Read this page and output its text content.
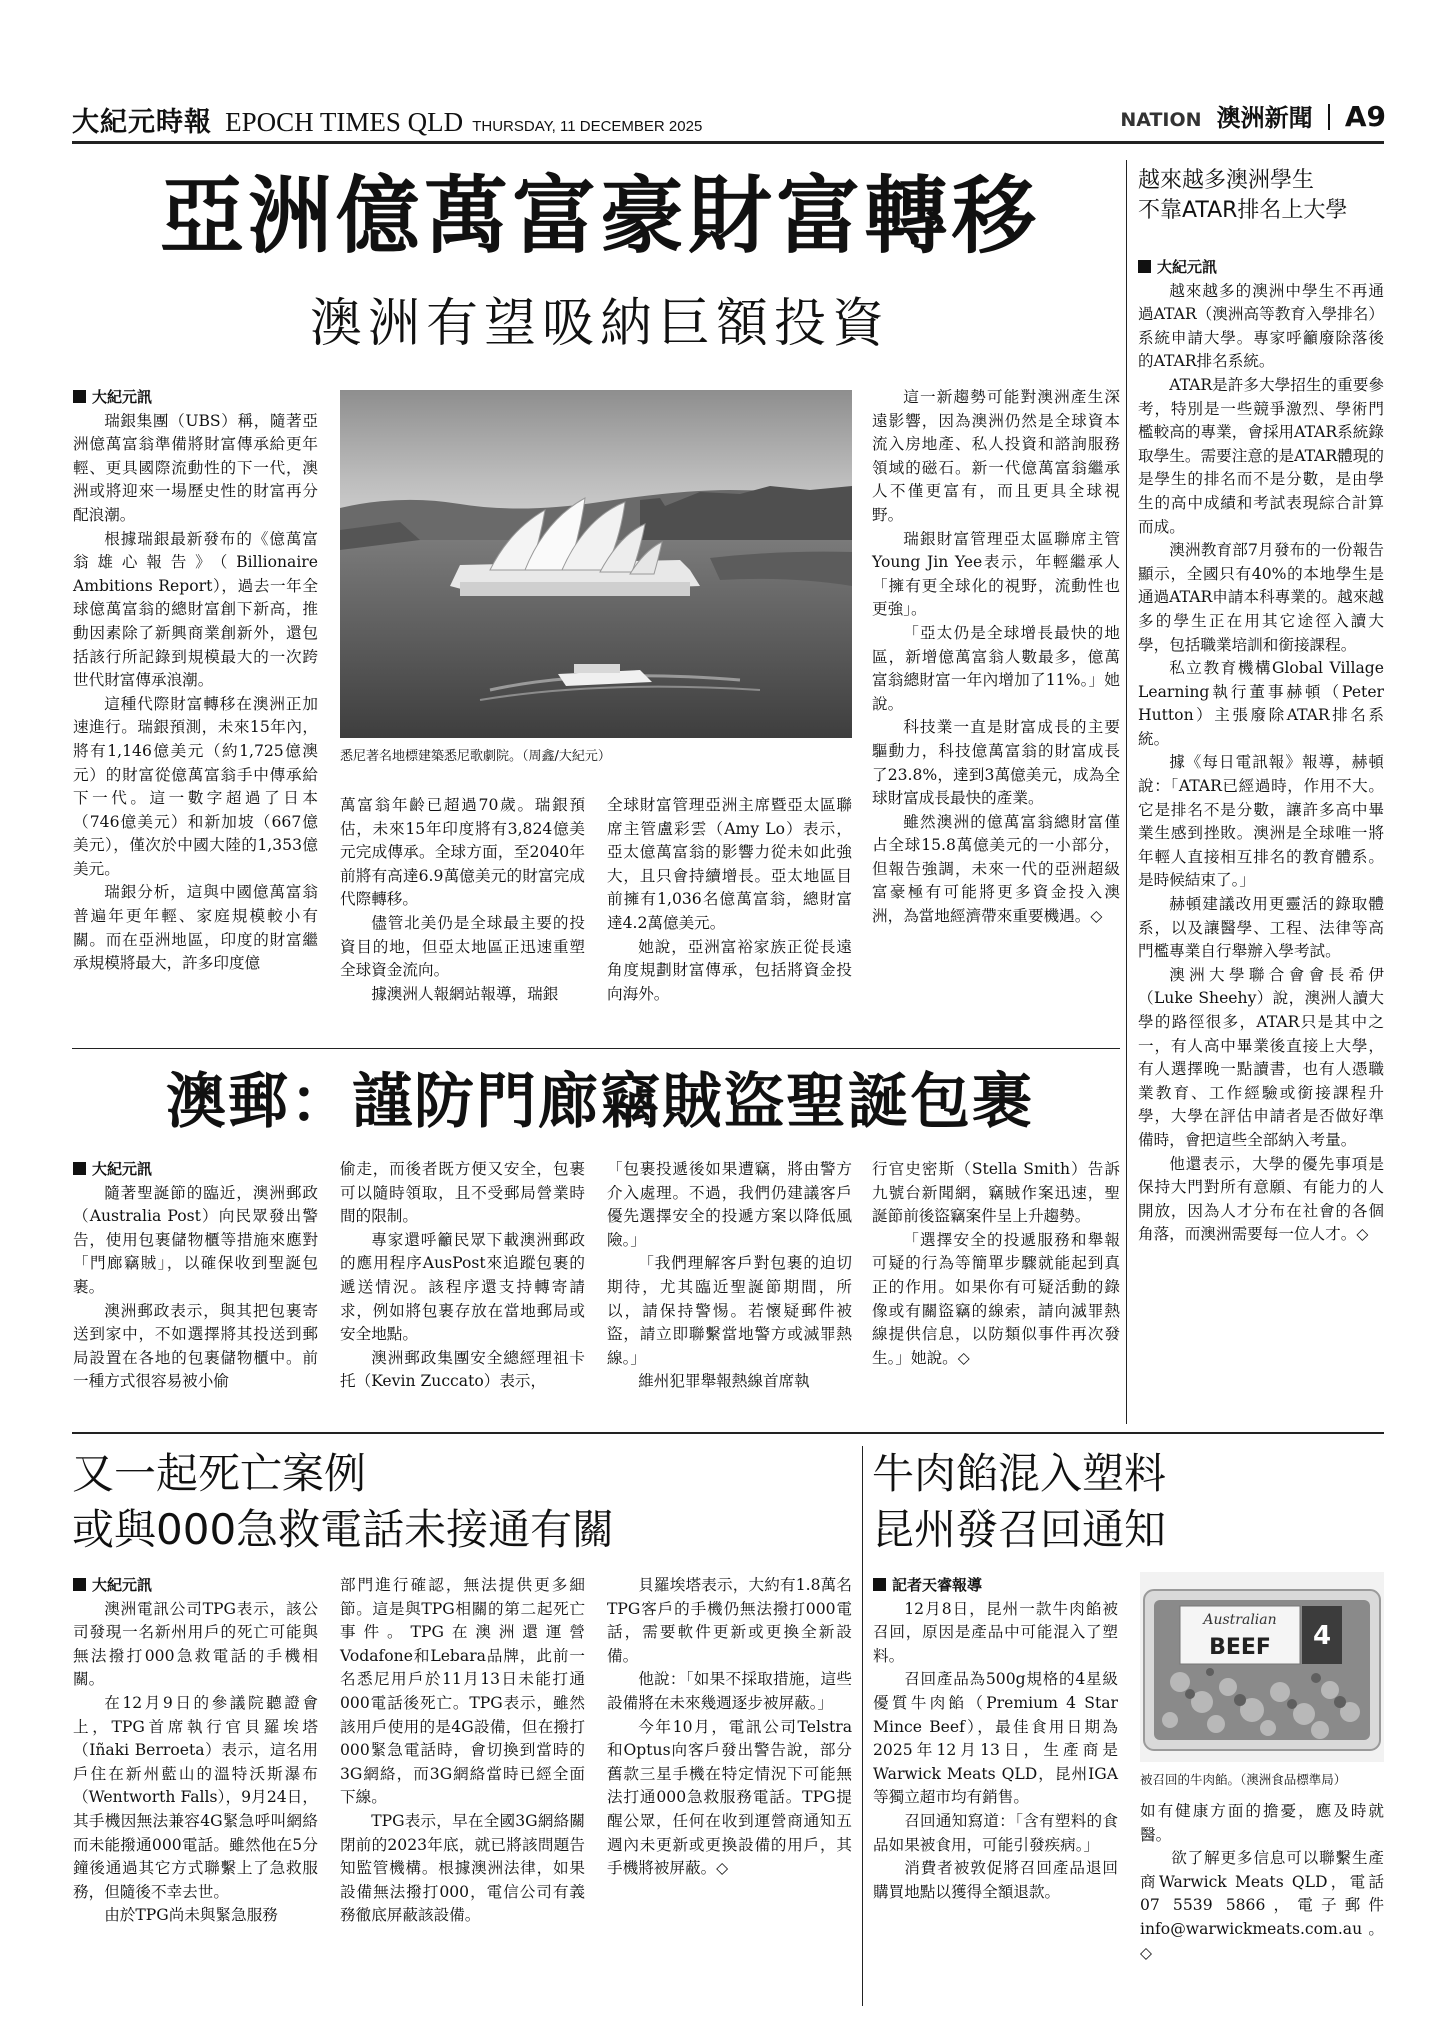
大紀元時報 EPOCH TIMES QLD THURSDAY, 11 DECEMBER 2025	NATION 澳洲新聞 A9
亞洲億萬富豪財富轉移
澳洲有望吸納巨額投資

大紀元訊

瑞銀集團（UBS）稱，隨著亞洲億萬富翁準備將財富傳承給更年輕、更具國際流動性的下一代，澳洲或將迎來一場歷史性的財富再分配浪潮。

根據瑞銀最新發布的《億萬富翁雄心報告》（Billionaire Ambitions Report），過去一年全球億萬富翁的總財富創下新高，推動因素除了新興商業創新外，還包括該行所記錄到規模最大的一次跨世代財富傳承浪潮。

這種代際財富轉移在澳洲正加速進行。瑞銀預測，未來15年內，將有1,146億美元（約1,725億澳元）的財富從億萬富翁手中傳承給下一代。這一數字超過了日本（746億美元）和新加坡（667億美元），僅次於中國大陸的1,353億美元。

瑞銀分析，這與中國億萬富翁普遍年更年輕、家庭規模較小有關。而在亞洲地區，印度的財富繼承規模將最大，許多印度億

悉尼著名地標建築悉尼歌劇院。（周鑫/大紀元）

萬富翁年齡已超過70歲。瑞銀預估，未來15年印度將有3,824億美元完成傳承。全球方面，至2040年前將有高達6.9萬億美元的財富完成代際轉移。

儘管北美仍是全球最主要的投資目的地，但亞太地區正迅速重塑全球資金流向。

據澳洲人報網站報導，瑞銀

全球財富管理亞洲主席暨亞太區聯席主管盧彩雲（Amy Lo）表示，亞太億萬富翁的影響力從未如此強大，且只會持續增長。亞太地區目前擁有1,036名億萬富翁，總財富達4.2萬億美元。

她說，亞洲富裕家族正從長遠角度規劃財富傳承，包括將資金投向海外。

這一新趨勢可能對澳洲產生深遠影響，因為澳洲仍然是全球資本流入房地產、私人投資和諮詢服務領域的磁石。新一代億萬富翁繼承人不僅更富有，而且更具全球視野。

瑞銀財富管理亞太區聯席主管Young Jin Yee表示，年輕繼承人「擁有更全球化的視野，流動性也更強」。

「亞太仍是全球增長最快的地區，新增億萬富翁人數最多，億萬富翁總財富一年內增加了11%。」她說。

科技業一直是財富成長的主要驅動力，科技億萬富翁的財富成長了23.8%，達到3萬億美元，成為全球財富成長最快的產業。

雖然澳洲的億萬富翁總財富僅占全球15.8萬億美元的一小部分，但報告強調，未來一代的亞洲超級富豪極有可能將更多資金投入澳洲，為當地經濟帶來重要機遇。◇

越來越多澳洲學生
不靠ATAR排名上大學

大紀元訊

越來越多的澳洲中學生不再通過ATAR（澳洲高等教育入學排名）系統申請大學。專家呼籲廢除落後的ATAR排名系統。

ATAR是許多大學招生的重要參考，特別是一些競爭激烈、學術門檻較高的專業，會採用ATAR系統錄取學生。需要注意的是ATAR體現的是學生的排名而不是分數，是由學生的高中成績和考試表現綜合計算而成。

澳洲教育部7月發布的一份報告顯示，全國只有40%的本地學生是通過ATAR申請本科專業的。越來越多的學生正在用其它途徑入讀大學，包括職業培訓和銜接課程。

私立教育機構Global Village Learning執行董事赫頓（Peter Hutton）主張廢除ATAR排名系統。

據《每日電訊報》報導，赫頓說：「ATAR已經過時，作用不大。它是排名不是分數，讓許多高中畢業生感到挫敗。澳洲是全球唯一將年輕人直接相互排名的教育體系。是時候結束了。」

赫頓建議改用更靈活的錄取體系，以及讓醫學、工程、法律等高門檻專業自行舉辦入學考試。

澳洲大學聯合會會長希伊（Luke Sheehy）說，澳洲人讀大學的路徑很多，ATAR只是其中之一，有人高中畢業後直接上大學，有人選擇晚一點讀書，也有人憑職業教育、工作經驗或銜接課程升學，大學在評估申請者是否做好準備時，會把這些全部納入考量。

他還表示，大學的優先事項是保持大門對所有意願、有能力的人開放，因為人才分布在社會的各個角落，而澳洲需要每一位人才。◇

澳郵：謹防門廊竊賊盜聖誕包裹

大紀元訊

隨著聖誕節的臨近，澳洲郵政（Australia Post）向民眾發出警告，使用包裹儲物櫃等措施來應對「門廊竊賊」，以確保收到聖誕包裹。

澳洲郵政表示，與其把包裹寄送到家中，不如選擇將其投送到郵局設置在各地的包裹儲物櫃中。前一種方式很容易被小偷

偷走，而後者既方便又安全，包裹可以隨時領取，且不受郵局營業時間的限制。

專家還呼籲民眾下載澳洲郵政的應用程序AusPost來追蹤包裹的遞送情況。該程序還支持轉寄請求，例如將包裹存放在當地郵局或安全地點。

澳洲郵政集團安全總經理祖卡托（Kevin Zuccato）表示，

「包裹投遞後如果遭竊，將由警方介入處理。不過，我們仍建議客戶優先選擇安全的投遞方案以降低風險。」

「我們理解客戶對包裹的迫切期待，尤其臨近聖誕節期間，所以，請保持警惕。若懷疑郵件被盜，請立即聯繫當地警方或滅罪熱線。」

維州犯罪舉報熱線首席執

行官史密斯（Stella Smith）告訴九號台新聞網，竊賊作案迅速，聖誕節前後盜竊案件呈上升趨勢。

「選擇安全的投遞服務和舉報可疑的行為等簡單步驟就能起到真正的作用。如果你有可疑活動的錄像或有關盜竊的線索，請向滅罪熱線提供信息，以防類似事件再次發生。」她說。◇

又一起死亡案例
或與000急救電話未接通有關

大紀元訊

澳洲電訊公司TPG表示，該公司發現一名新州用戶的死亡可能與無法撥打000急救電話的手機相關。

在12月9日的參議院聽證會上，TPG首席執行官貝羅埃塔（Iñaki Berroeta）表示，這名用戶住在新州藍山的溫特沃斯瀑布（Wentworth Falls），9月24日，其手機因無法兼容4G緊急呼叫網絡而未能撥通000電話。雖然他在5分鐘後通過其它方式聯繫上了急救服務，但隨後不幸去世。

由於TPG尚未與緊急服務

部門進行確認，無法提供更多細節。這是與TPG相關的第二起死亡事件。TPG在澳洲還運營Vodafone和Lebara品牌，此前一名悉尼用戶於11月13日未能打通000電話後死亡。TPG表示，雖然該用戶使用的是4G設備，但在撥打000緊急電話時，會切換到當時的3G網絡，而3G網絡當時已經全面下線。

TPG表示，早在全國3G網絡關閉前的2023年底，就已將該問題告知監管機構。根據澳洲法律，如果設備無法撥打000，電信公司有義務徹底屏蔽該設備。

貝羅埃塔表示，大約有1.8萬名TPG客戶的手機仍無法撥打000電話，需要軟件更新或更換全新設備。

他說：「如果不採取措施，這些設備將在未來幾週逐步被屏蔽。」

今年10月，電訊公司Telstra和Optus向客戶發出警告說，部分舊款三星手機在特定情況下可能無法打通000急救服務電話。TPG提醒公眾，任何在收到運營商通知五週內未更新或更換設備的用戶，其手機將被屏蔽。◇

牛肉餡混入塑料
昆州發召回通知

記者天睿報導

12月8日，昆州一款牛肉餡被召回，原因是產品中可能混入了塑料。

召回產品為500g規格的4星級優質牛肉餡（Premium 4 Star Mince Beef），最佳食用日期為2025年12月13日，生產商是Warwick Meats QLD，昆州IGA等獨立超市均有銷售。

召回通知寫道：「含有塑料的食品如果被食用，可能引發疾病。」

消費者被敦促將召回產品退回購買地點以獲得全額退款。

Australian
BEEF 4
被召回的牛肉餡。（澳洲食品標準局）

如有健康方面的擔憂，應及時就醫。

欲了解更多信息可以聯繫生產商Warwick Meats QLD，電話07 5539 5866，電子郵件info@warwickmeats.com.au。◇
